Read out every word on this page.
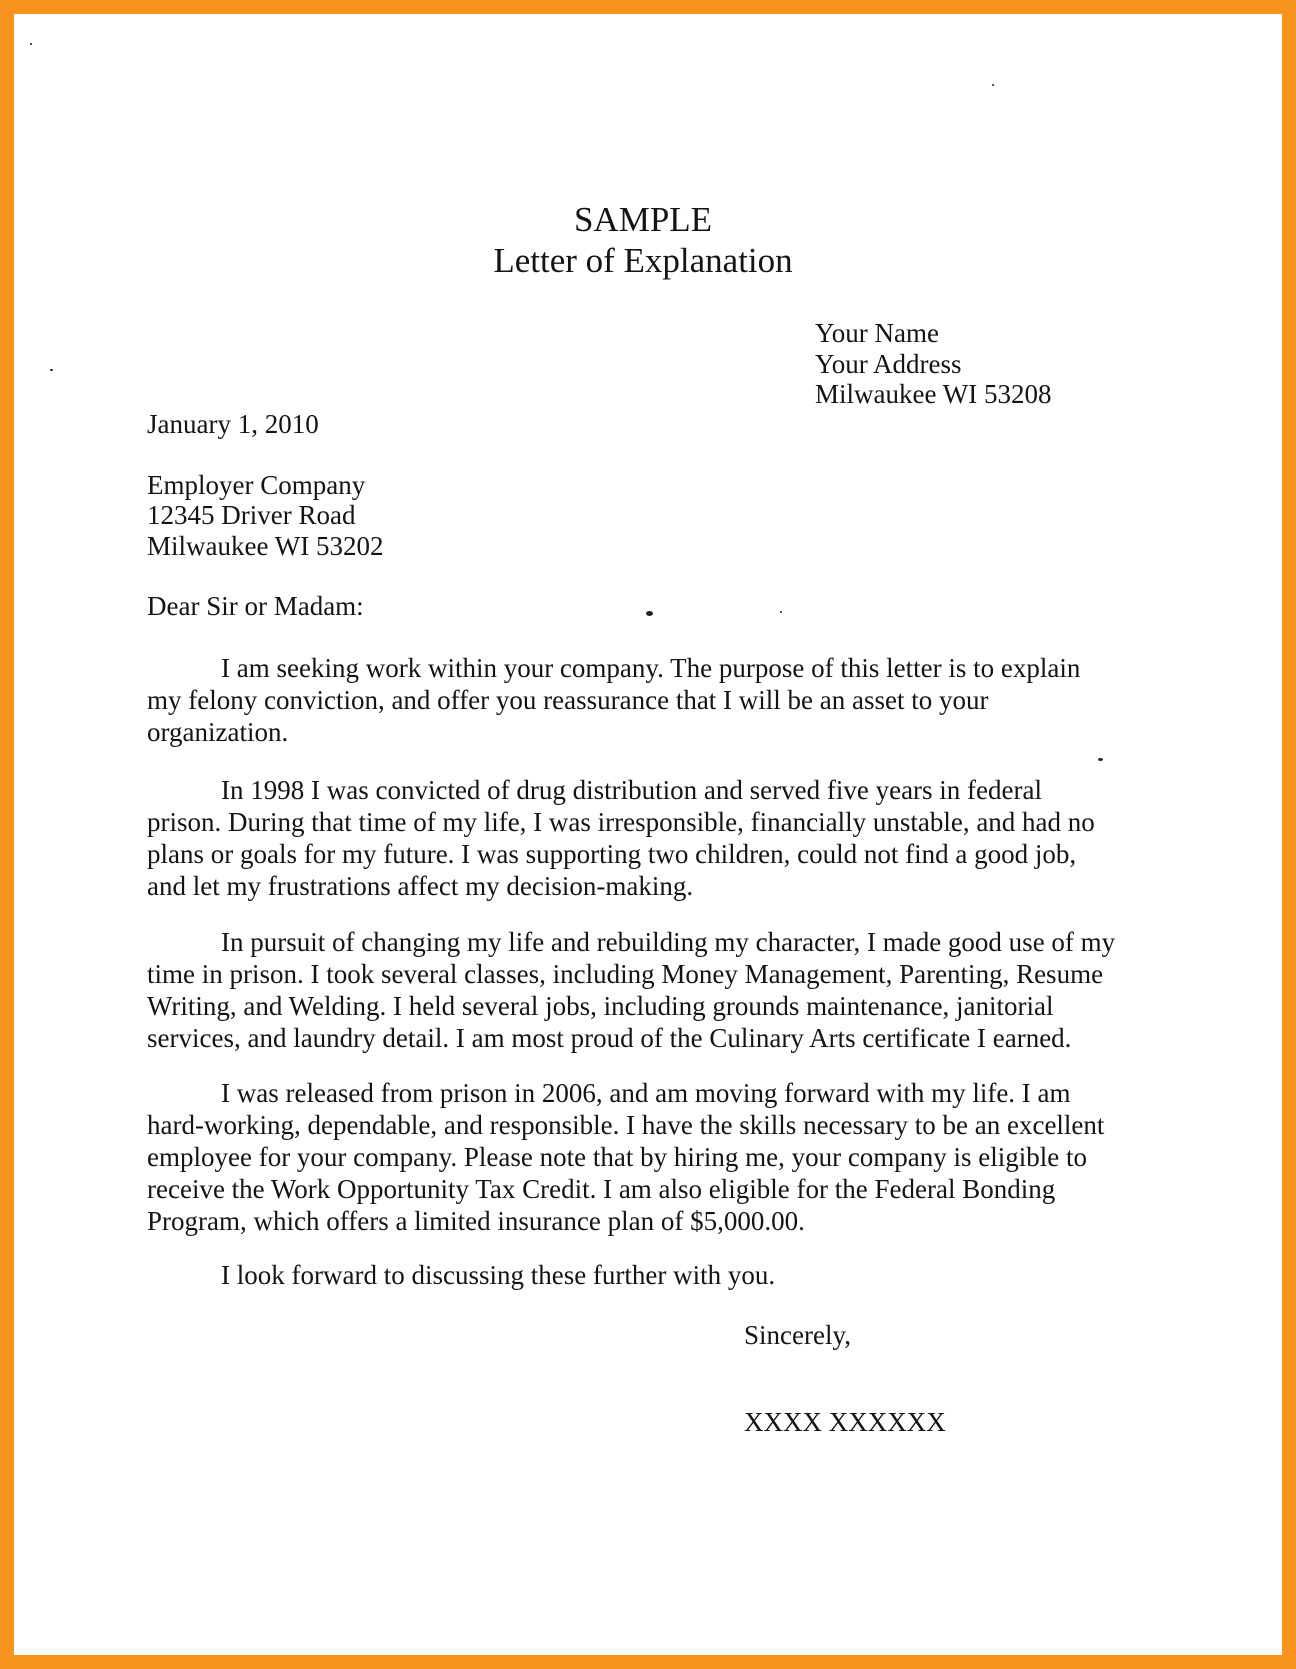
SAMPLE
Letter of Explanation
Your Name
Your Address
Milwaukee WI 53208
January 1, 2010
Employer Company
12345 Driver Road
Milwaukee WI 53202
Dear Sir or Madam:
I am seeking work within your company. The purpose of this letter is to explain
my felony conviction, and offer you reassurance that I will be an asset to your
organization.
In 1998 I was convicted of drug distribution and served five years in federal
prison. During that time of my life, I was irresponsible, financially unstable, and had no
plans or goals for my future. I was supporting two children, could not find a good job,
and let my frustrations affect my decision-making.
In pursuit of changing my life and rebuilding my character, I made good use of my
time in prison. I took several classes, including Money Management, Parenting, Resume
Writing, and Welding. I held several jobs, including grounds maintenance, janitorial
services, and laundry detail. I am most proud of the Culinary Arts certificate I earned.
I was released from prison in 2006, and am moving forward with my life. I am
hard-working, dependable, and responsible. I have the skills necessary to be an excellent
employee for your company. Please note that by hiring me, your company is eligible to
receive the Work Opportunity Tax Credit. I am also eligible for the Federal Bonding
Program, which offers a limited insurance plan of $5,000.00.
I look forward to discussing these further with you.
Sincerely,
XXXX XXXXXX
